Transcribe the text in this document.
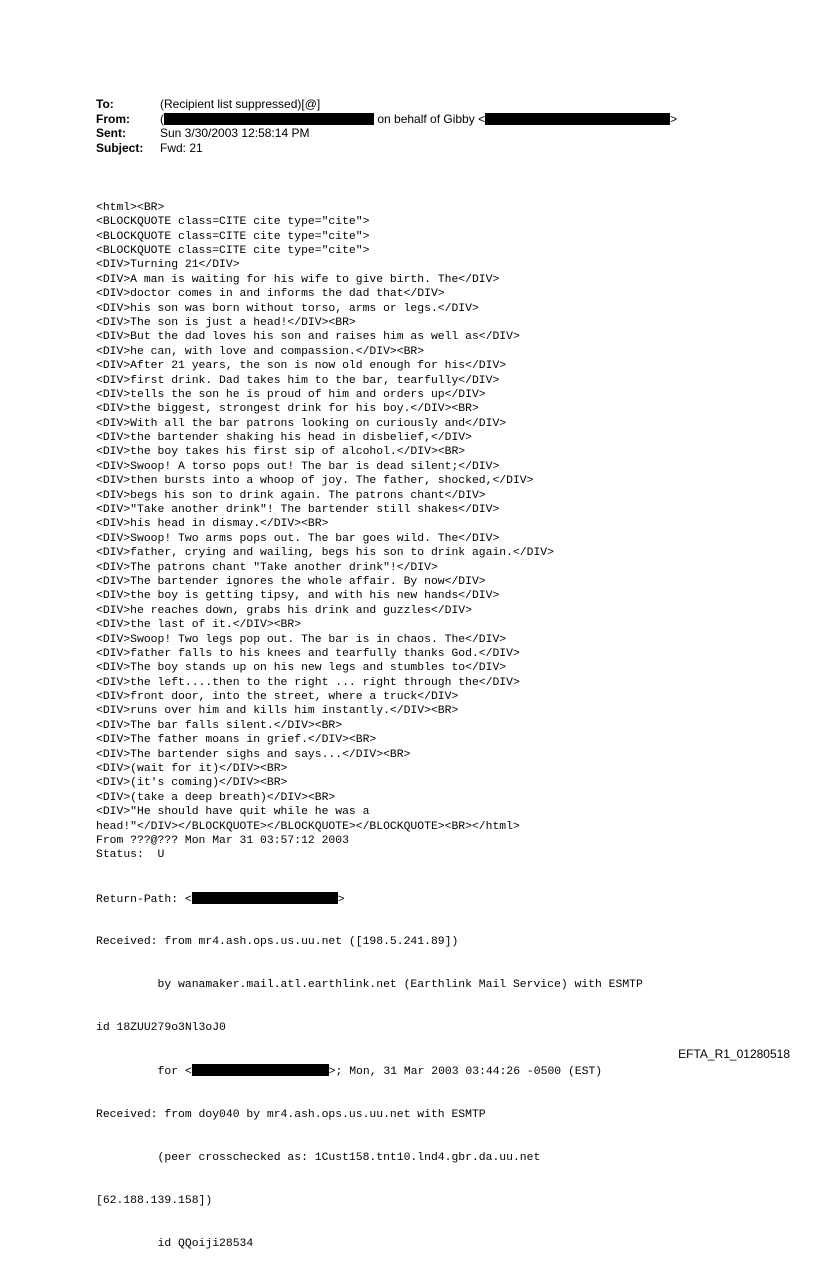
To:	(Recipient list suppressed)[@]
From:	(	on behalf of Gibby <	>
Sent:	Sun 3/30/2003 12:58:14 PM
Subject:	Fwd: 21

<html><BR>
<BLOCKQUOTE class=CITE cite type="cite">
<BLOCKQUOTE class=CITE cite type="cite">
<BLOCKQUOTE class=CITE cite type="cite">
<DIV>Turning 21</DIV>
<DIV>A man is waiting for his wife to give birth. The</DIV>
<DIV>doctor comes in and informs the dad that</DIV>
<DIV>his son was born without torso, arms or legs.</DIV>
<DIV>The son is just a head!</DIV><BR>
<DIV>But the dad loves his son and raises him as well as</DIV>
<DIV>he can, with love and compassion.</DIV><BR>
<DIV>After 21 years, the son is now old enough for his</DIV>
<DIV>first drink. Dad takes him to the bar, tearfully</DIV>
<DIV>tells the son he is proud of him and orders up</DIV>
<DIV>the biggest, strongest drink for his boy.</DIV><BR>
<DIV>With all the bar patrons looking on curiously and</DIV>
<DIV>the bartender shaking his head in disbelief,</DIV>
<DIV>the boy takes his first sip of alcohol.</DIV><BR>
<DIV>Swoop! A torso pops out! The bar is dead silent;</DIV>
<DIV>then bursts into a whoop of joy. The father, shocked,</DIV>
<DIV>begs his son to drink again. The patrons chant</DIV>
<DIV>"Take another drink"! The bartender still shakes</DIV>
<DIV>his head in dismay.</DIV><BR>
<DIV>Swoop! Two arms pops out. The bar goes wild. The</DIV>
<DIV>father, crying and wailing, begs his son to drink again.</DIV>
<DIV>The patrons chant "Take another drink"!</DIV>
<DIV>The bartender ignores the whole affair. By now</DIV>
<DIV>the boy is getting tipsy, and with his new hands</DIV>
<DIV>he reaches down, grabs his drink and guzzles</DIV>
<DIV>the last of it.</DIV><BR>
<DIV>Swoop! Two legs pop out. The bar is in chaos. The</DIV>
<DIV>father falls to his knees and tearfully thanks God.</DIV>
<DIV>The boy stands up on his new legs and stumbles to</DIV>
<DIV>the left....then to the right ... right through the</DIV>
<DIV>front door, into the street, where a truck</DIV>
<DIV>runs over him and kills him instantly.</DIV><BR>
<DIV>The bar falls silent.</DIV><BR>
<DIV>The father moans in grief.</DIV><BR>
<DIV>The bartender sighs and says...</DIV><BR>
<DIV>(wait for it)</DIV><BR>
<DIV>(it's coming)</DIV><BR>
<DIV>(take a deep breath)</DIV><BR>
<DIV>"He should have quit while he was a
head!"</DIV></BLOCKQUOTE></BLOCKQUOTE></BLOCKQUOTE><BR></html>
From ???@??? Mon Mar 31 03:57:12 2003
Status:  U

Return-Path: <	>

Received: from mr4.ash.ops.us.uu.net ([198.5.241.89])

by wanamaker.mail.atl.earthlink.net (Earthlink Mail Service) with ESMTP

id 18ZUU279o3Nl3oJ0

for <	>; Mon, 31 Mar 2003 03:44:26 -0500 (EST)

Received: from doy040 by mr4.ash.ops.us.uu.net with ESMTP

(peer crosschecked as: 1Cust158.tnt10.lnd4.gbr.da.uu.net

[62.188.139.158])

id QQoiji28534

EFTA_R1_01280518
